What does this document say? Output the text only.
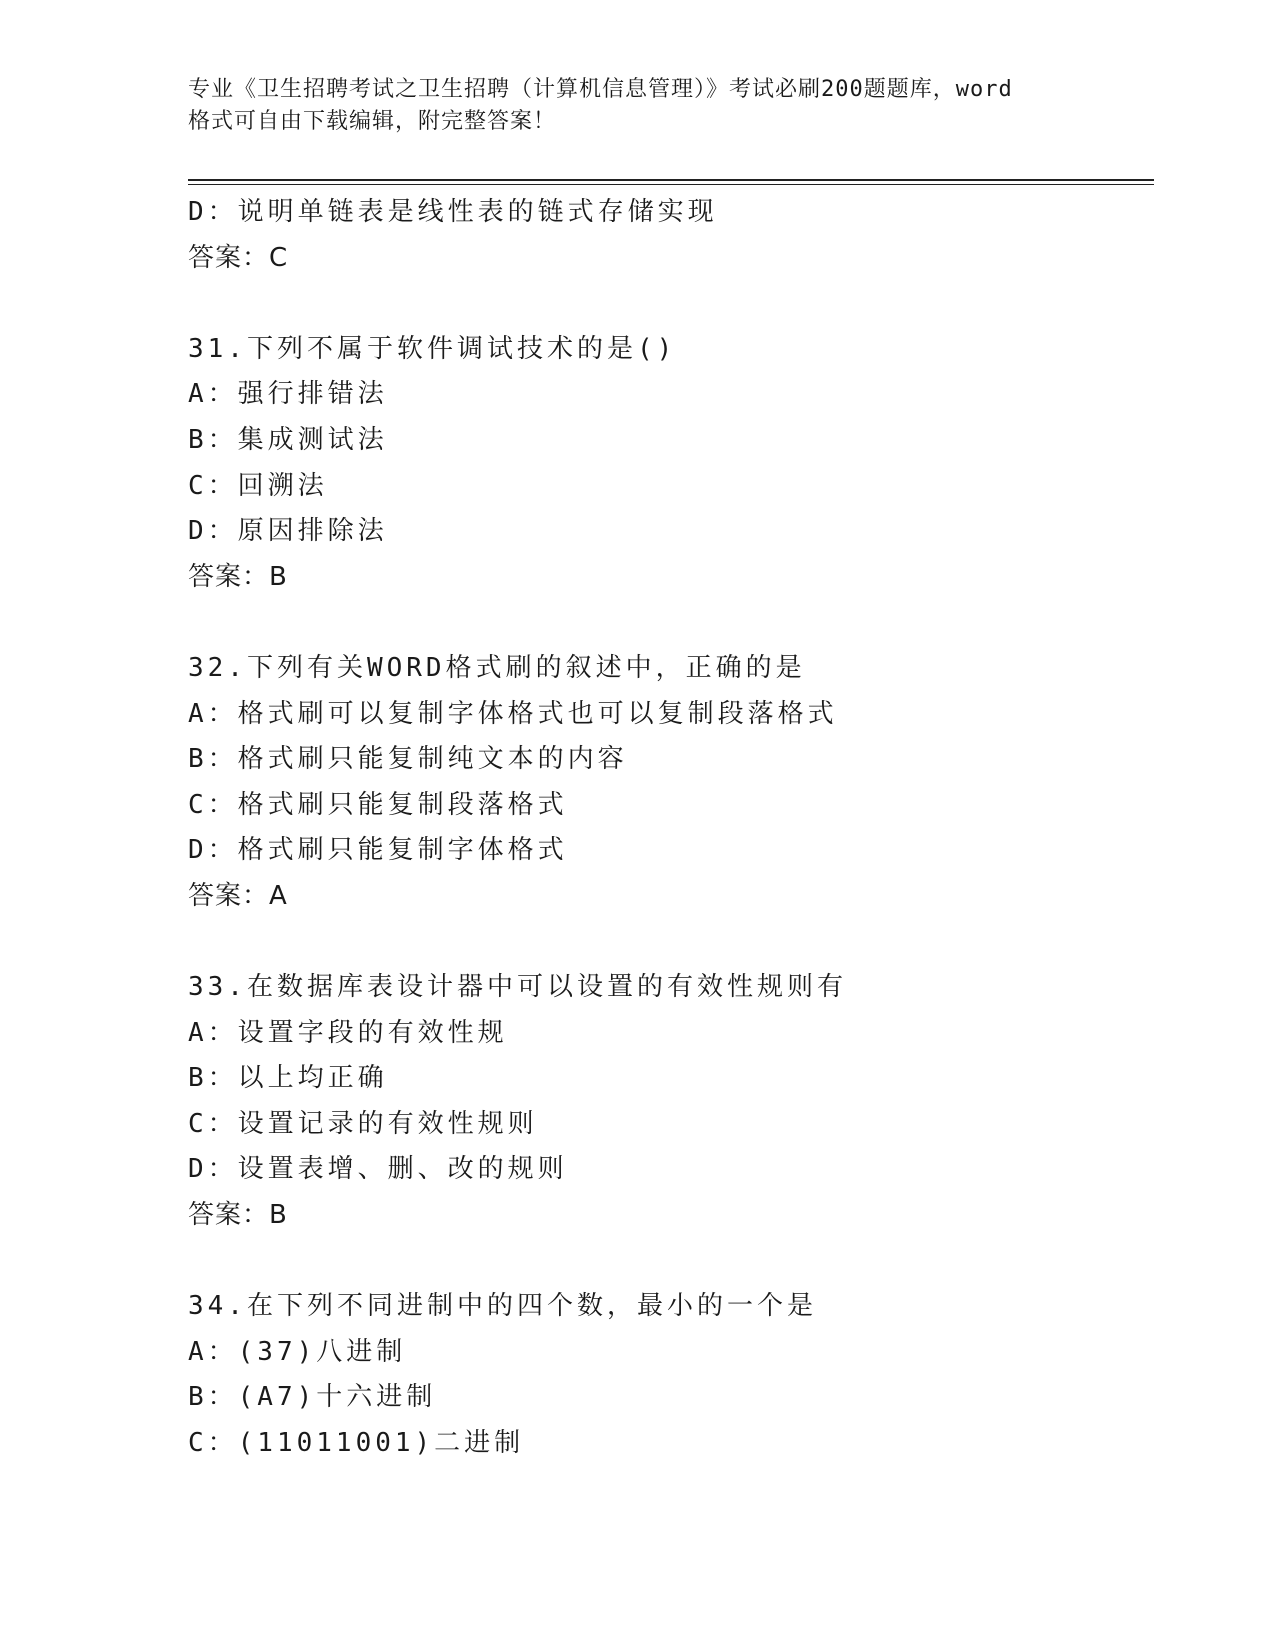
专业《卫生招聘考试之卫生招聘（计算机信息管理）》考试必刷200题题库，word
格式可自由下载编辑，附完整答案！
D：说明单链表是线性表的链式存储实现
答案：C
31.下列不属于软件调试技术的是()
A：强行排错法
B：集成测试法
C：回溯法
D：原因排除法
答案：B
32.下列有关WORD格式刷的叙述中，正确的是
A：格式刷可以复制字体格式也可以复制段落格式
B：格式刷只能复制纯文本的内容
C：格式刷只能复制段落格式
D：格式刷只能复制字体格式
答案：A
33.在数据库表设计器中可以设置的有效性规则有
A：设置字段的有效性规
B：以上均正确
C：设置记录的有效性规则
D：设置表增、删、改的规则
答案：B
34.在下列不同进制中的四个数，最小的一个是
A：(37)八进制
B：(A7)十六进制
C：(11011001)二进制
